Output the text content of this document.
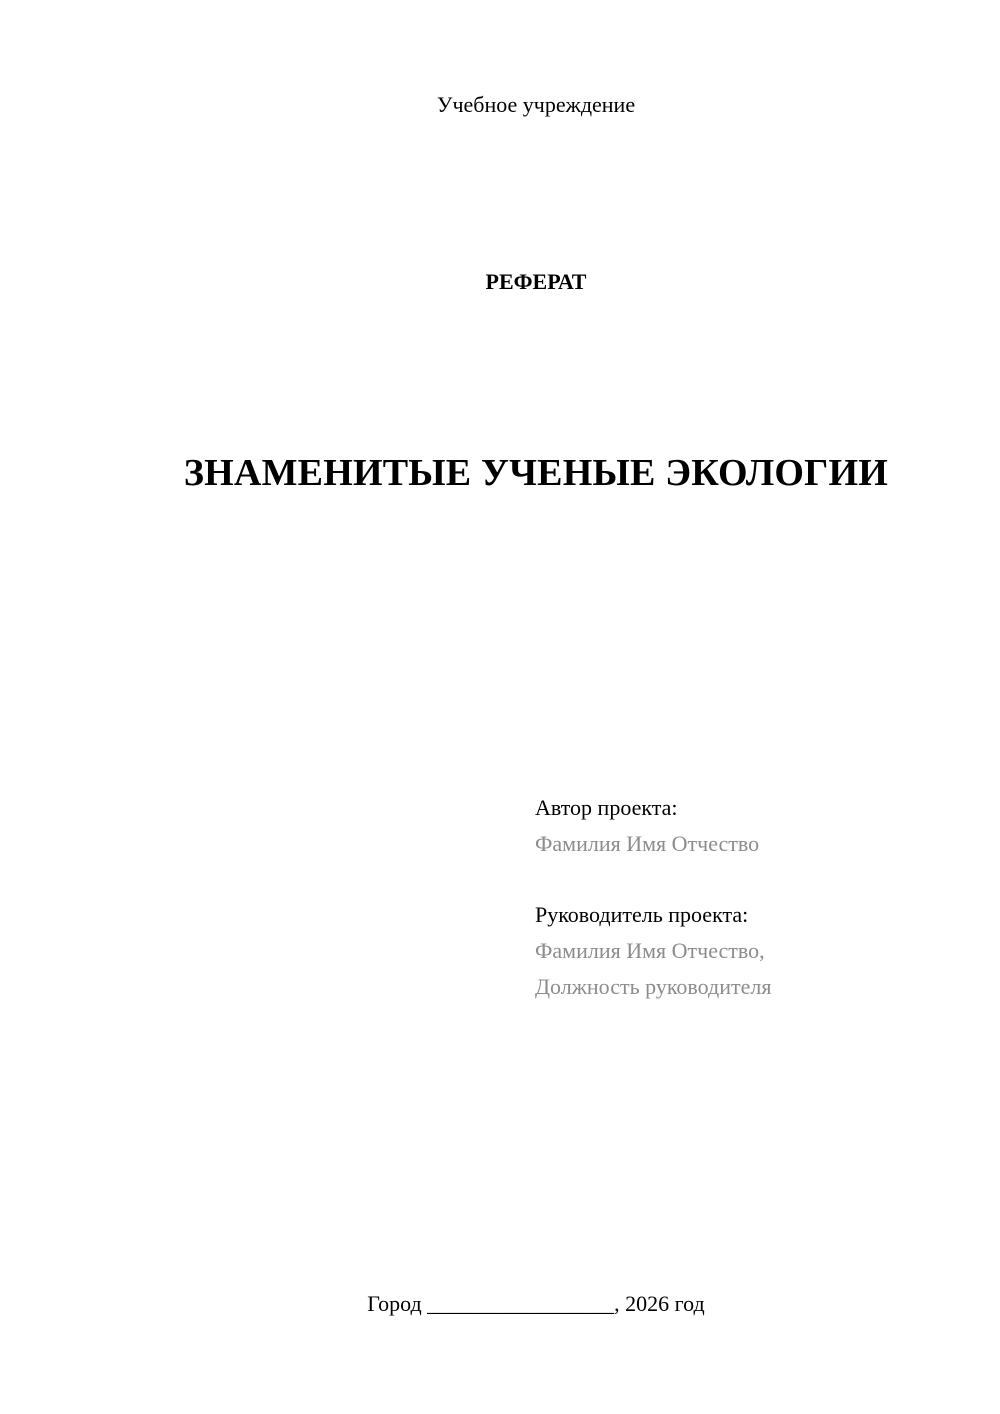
Учебное учреждение
РЕФЕРАТ
ЗНАМЕНИТЫЕ УЧЕНЫЕ ЭКОЛОГИИ
Автор проекта:
Фамилия Имя Отчество
Руководитель проекта:
Фамилия Имя Отчество,
Должность руководителя
Город _________________, 2026 год
